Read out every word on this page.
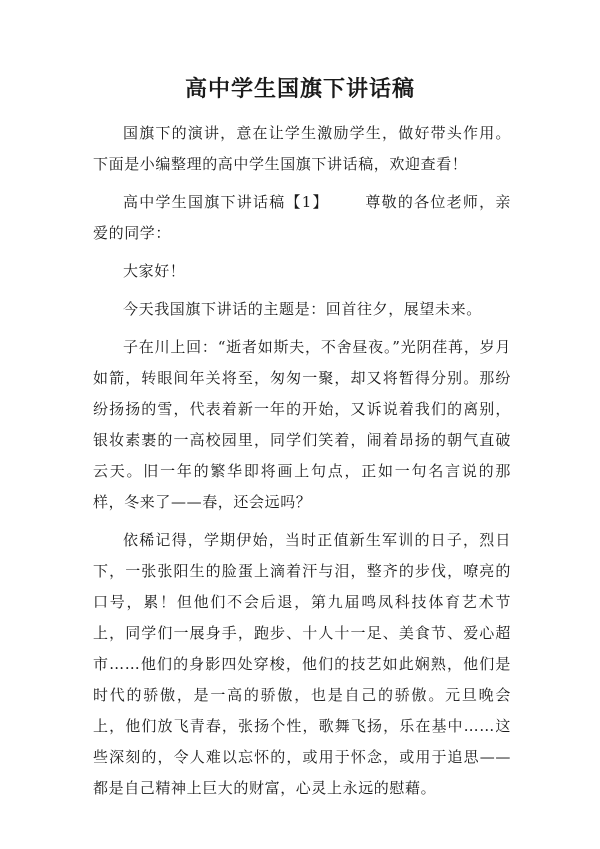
高中学生国旗下讲话稿

国旗下的演讲，意在让学生激励学生，做好带头作用。下面是小编整理的高中学生国旗下讲话稿，欢迎查看！

高中学生国旗下讲话稿【1】 尊敬的各位老师，亲爱的同学：

大家好！

今天我国旗下讲话的主题是：回首往夕，展望未来。

子在川上回：“逝者如斯夫，不舍昼夜。”光阴荏苒，岁月如箭，转眼间年关将至，匆匆一聚，却又将暂得分别。那纷纷扬扬的雪，代表着新一年的开始，又诉说着我们的离别，银妆素裹的一高校园里，同学们笑着，闹着昂扬的朝气直破云天。旧一年的繁华即将画上句点，正如一句名言说的那样，冬来了——春，还会远吗？

依稀记得，学期伊始，当时正值新生军训的日子，烈日下，一张张阳生的脸蛋上滴着汗与泪，整齐的步伐，嘹亮的口号，累！但他们不会后退，第九届鸣凤科技体育艺术节上，同学们一展身手，跑步、十人十一足、美食节、爱心超市……他们的身影四处穿梭，他们的技艺如此娴熟，他们是时代的骄傲，是一高的骄傲，也是自己的骄傲。元旦晚会上，他们放飞青春，张扬个性，歌舞飞扬，乐在基中……这些深刻的，令人难以忘怀的，或用于怀念，或用于追思——都是自己精神上巨大的财富，心灵上永远的慰藉。
